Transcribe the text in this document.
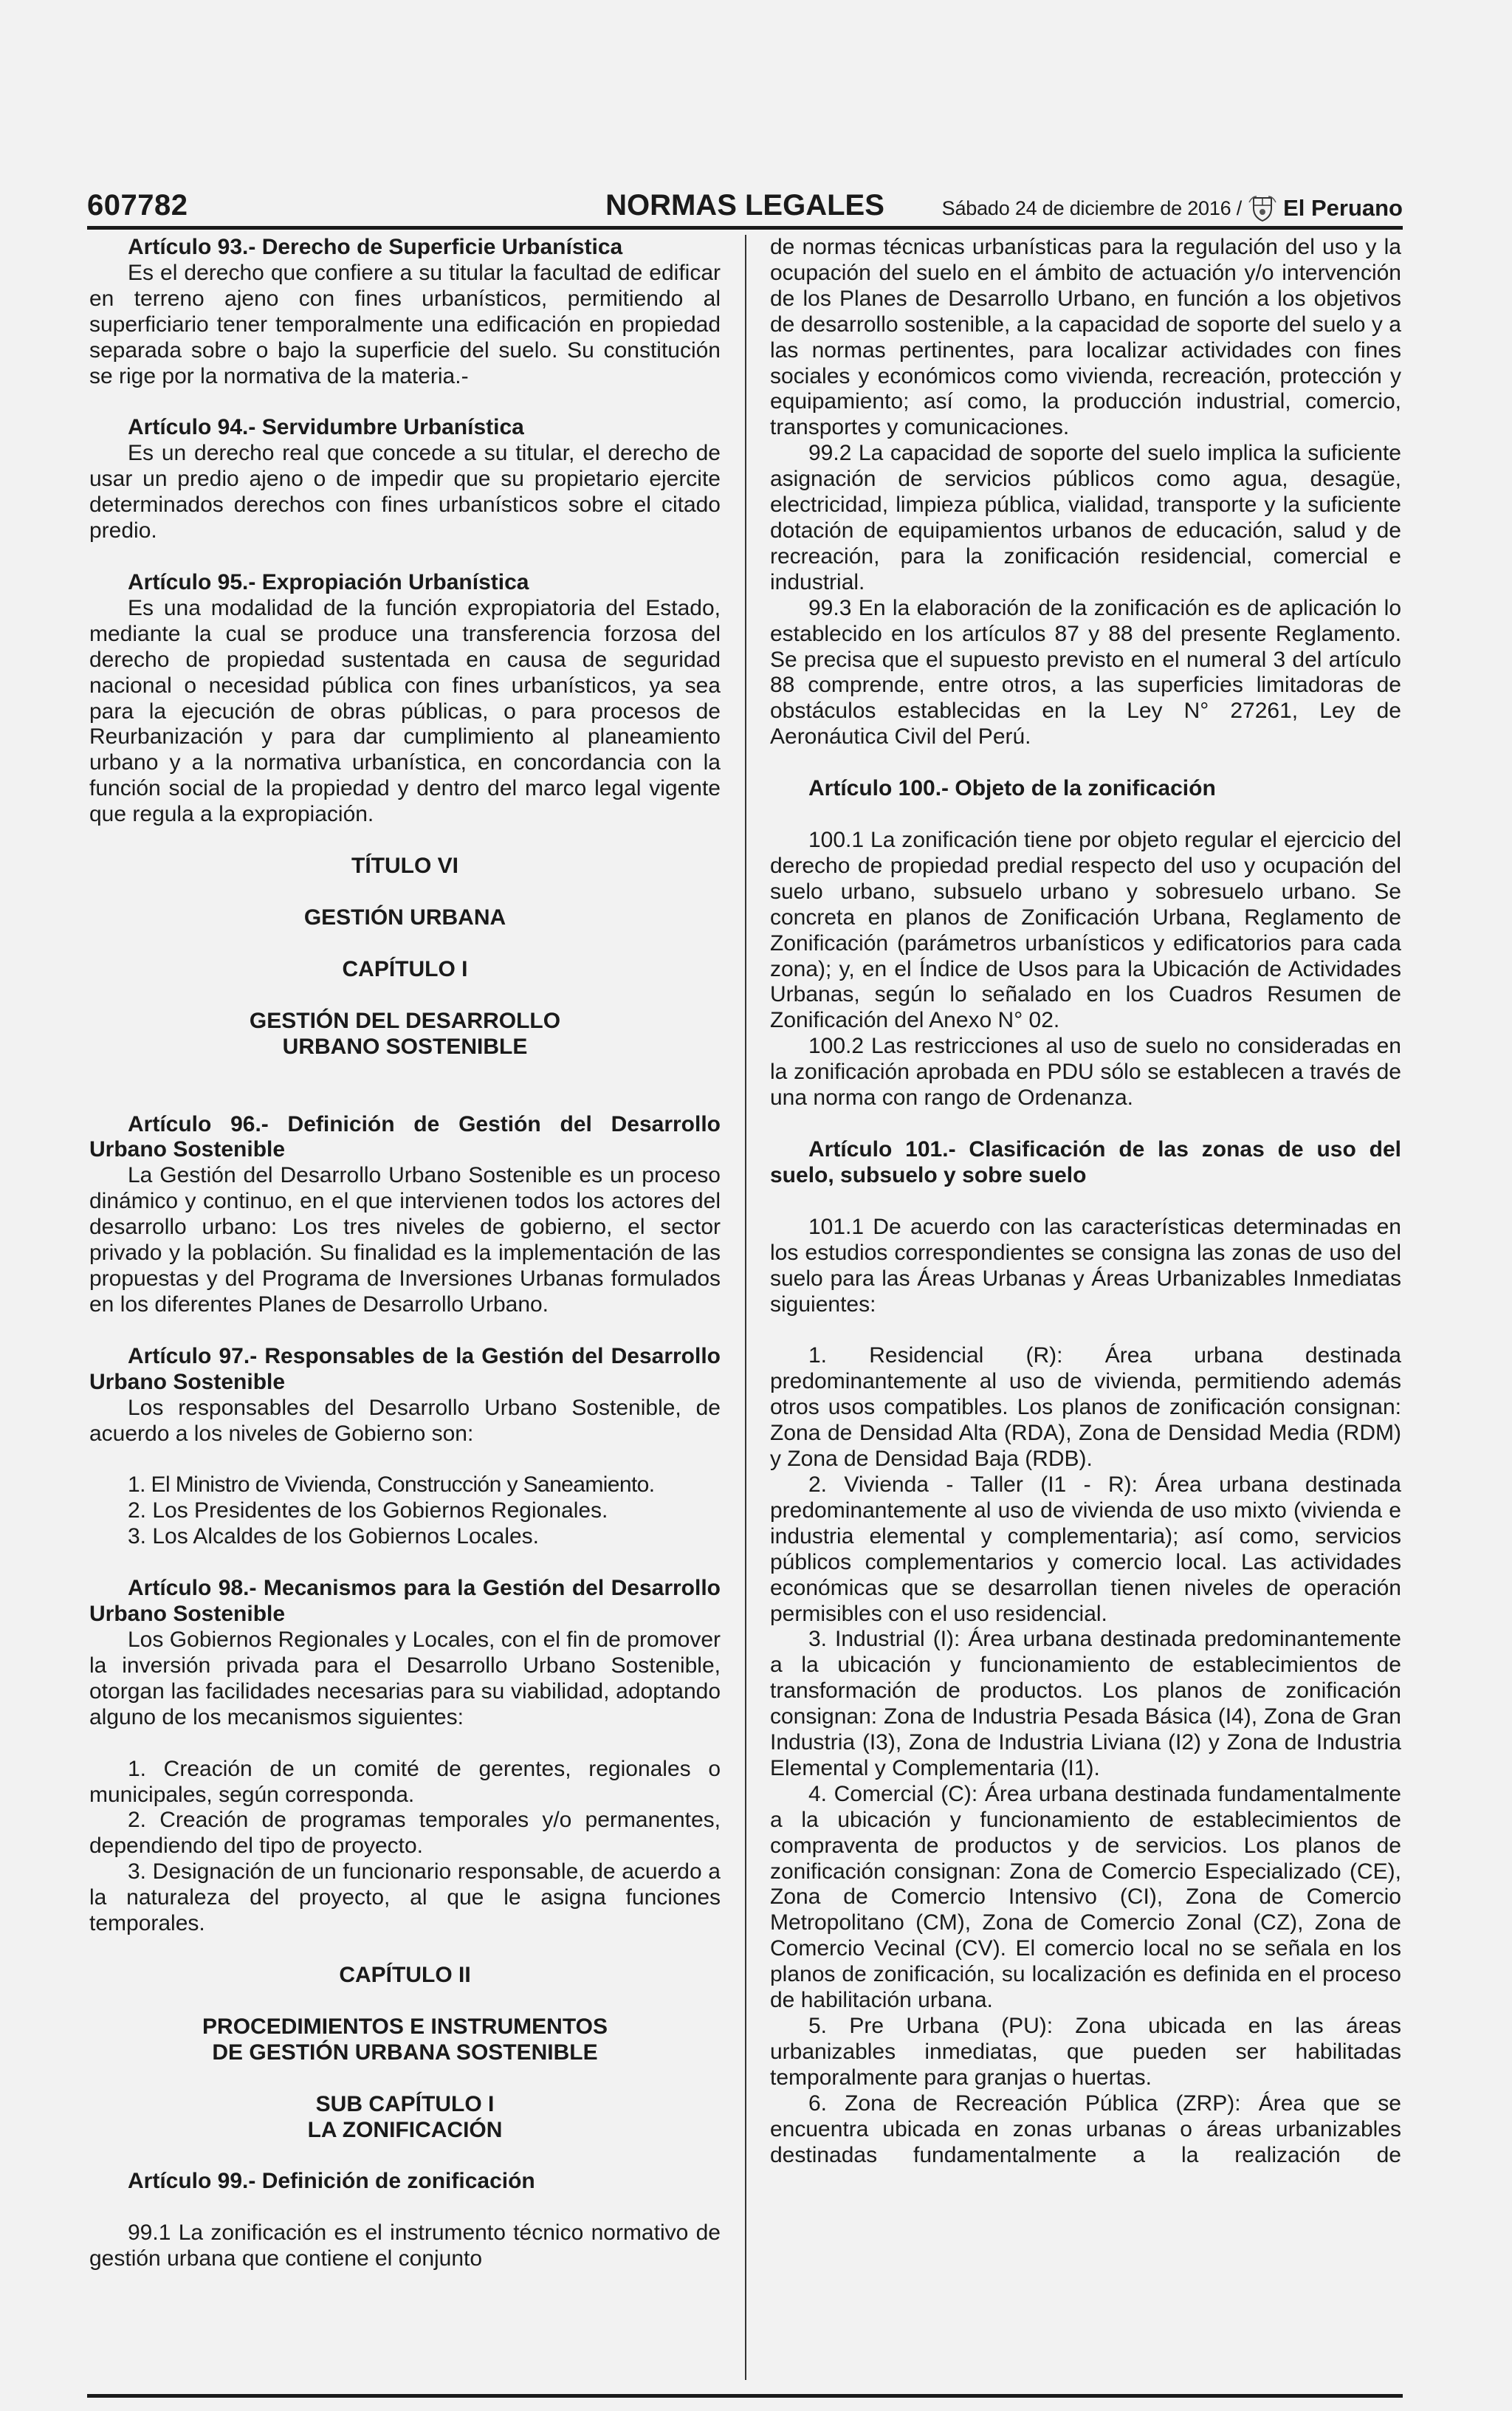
607782	NORMAS LEGALES	Sábado 24 de diciembre de 2016 / El Peruano
Artículo 93.- Derecho de Superficie Urbanística
Es el derecho que confiere a su titular la facultad de edificar en terreno ajeno con fines urbanísticos, permitiendo al superficiario tener temporalmente una edificación en propiedad separada sobre o bajo la superficie del suelo. Su constitución se rige por la normativa de la materia.-
Artículo 94.- Servidumbre Urbanística
Es un derecho real que concede a su titular, el derecho de usar un predio ajeno o de impedir que su propietario ejercite determinados derechos con fines urbanísticos sobre el citado predio.
Artículo 95.- Expropiación Urbanística
Es una modalidad de la función expropiatoria del Estado, mediante la cual se produce una transferencia forzosa del derecho de propiedad sustentada en causa de seguridad nacional o necesidad pública con fines urbanísticos, ya sea para la ejecución de obras públicas, o para procesos de Reurbanización y para dar cumplimiento al planeamiento urbano y a la normativa urbanística, en concordancia con la función social de la propiedad y dentro del marco legal vigente que regula a la expropiación.
TÍTULO VI
GESTIÓN URBANA
CAPÍTULO I
GESTIÓN DEL DESARROLLO
URBANO SOSTENIBLE
Artículo 96.- Definición de Gestión del Desarrollo Urbano Sostenible
La Gestión del Desarrollo Urbano Sostenible es un proceso dinámico y continuo, en el que intervienen todos los actores del desarrollo urbano: Los tres niveles de gobierno, el sector privado y la población. Su finalidad es la implementación de las propuestas y del Programa de Inversiones Urbanas formulados en los diferentes Planes de Desarrollo Urbano.
Artículo 97.- Responsables de la Gestión del Desarrollo Urbano Sostenible
Los responsables del Desarrollo Urbano Sostenible, de acuerdo a los niveles de Gobierno son:
1. El Ministro de Vivienda, Construcción y Saneamiento.
2. Los Presidentes de los Gobiernos Regionales.
3. Los Alcaldes de los Gobiernos Locales.
Artículo 98.- Mecanismos para la Gestión del Desarrollo Urbano Sostenible
Los Gobiernos Regionales y Locales, con el fin de promover la inversión privada para el Desarrollo Urbano Sostenible, otorgan las facilidades necesarias para su viabilidad, adoptando alguno de los mecanismos siguientes:
1. Creación de un comité de gerentes, regionales o municipales, según corresponda.
2. Creación de programas temporales y/o permanentes, dependiendo del tipo de proyecto.
3. Designación de un funcionario responsable, de acuerdo a la naturaleza del proyecto, al que le asigna funciones temporales.
CAPÍTULO II
PROCEDIMIENTOS E INSTRUMENTOS
DE GESTIÓN URBANA SOSTENIBLE
SUB CAPÍTULO I
LA ZONIFICACIÓN
Artículo 99.- Definición de zonificación
99.1 La zonificación es el instrumento técnico normativo de gestión urbana que contiene el conjunto
de normas técnicas urbanísticas para la regulación del uso y la ocupación del suelo en el ámbito de actuación y/o intervención de los Planes de Desarrollo Urbano, en función a los objetivos de desarrollo sostenible, a la capacidad de soporte del suelo y a las normas pertinentes, para localizar actividades con fines sociales y económicos como vivienda, recreación, protección y equipamiento; así como, la producción industrial, comercio, transportes y comunicaciones.
99.2 La capacidad de soporte del suelo implica la suficiente asignación de servicios públicos como agua, desagüe, electricidad, limpieza pública, vialidad, transporte y la suficiente dotación de equipamientos urbanos de educación, salud y de recreación, para la zonificación residencial, comercial e industrial.
99.3 En la elaboración de la zonificación es de aplicación lo establecido en los artículos 87 y 88 del presente Reglamento. Se precisa que el supuesto previsto en el numeral 3 del artículo 88 comprende, entre otros, a las superficies limitadoras de obstáculos establecidas en la Ley N° 27261, Ley de Aeronáutica Civil del Perú.
Artículo 100.- Objeto de la zonificación
100.1 La zonificación tiene por objeto regular el ejercicio del derecho de propiedad predial respecto del uso y ocupación del suelo urbano, subsuelo urbano y sobresuelo urbano. Se concreta en planos de Zonificación Urbana, Reglamento de Zonificación (parámetros urbanísticos y edificatorios para cada zona); y, en el Índice de Usos para la Ubicación de Actividades Urbanas, según lo señalado en los Cuadros Resumen de Zonificación del Anexo N° 02.
100.2 Las restricciones al uso de suelo no consideradas en la zonificación aprobada en PDU sólo se establecen a través de una norma con rango de Ordenanza.
Artículo 101.- Clasificación de las zonas de uso del suelo, subsuelo y sobre suelo
101.1 De acuerdo con las características determinadas en los estudios correspondientes se consigna las zonas de uso del suelo para las Áreas Urbanas y Áreas Urbanizables Inmediatas siguientes:
1. Residencial (R): Área urbana destinada predominantemente al uso de vivienda, permitiendo además otros usos compatibles. Los planos de zonificación consignan: Zona de Densidad Alta (RDA), Zona de Densidad Media (RDM) y Zona de Densidad Baja (RDB).
2. Vivienda - Taller (I1 - R): Área urbana destinada predominantemente al uso de vivienda de uso mixto (vivienda e industria elemental y complementaria); así como, servicios públicos complementarios y comercio local. Las actividades económicas que se desarrollan tienen niveles de operación permisibles con el uso residencial.
3. Industrial (I): Área urbana destinada predominantemente a la ubicación y funcionamiento de establecimientos de transformación de productos. Los planos de zonificación consignan: Zona de Industria Pesada Básica (I4), Zona de Gran Industria (I3), Zona de Industria Liviana (I2) y Zona de Industria Elemental y Complementaria (I1).
4. Comercial (C): Área urbana destinada fundamentalmente a la ubicación y funcionamiento de establecimientos de compraventa de productos y de servicios. Los planos de zonificación consignan: Zona de Comercio Especializado (CE), Zona de Comercio Intensivo (CI), Zona de Comercio Metropolitano (CM), Zona de Comercio Zonal (CZ), Zona de Comercio Vecinal (CV). El comercio local no se señala en los planos de zonificación, su localización es definida en el proceso de habilitación urbana.
5. Pre Urbana (PU): Zona ubicada en las áreas urbanizables inmediatas, que pueden ser habilitadas temporalmente para granjas o huertas.
6. Zona de Recreación Pública (ZRP): Área que se encuentra ubicada en zonas urbanas o áreas urbanizables destinadas fundamentalmente a la realización de
